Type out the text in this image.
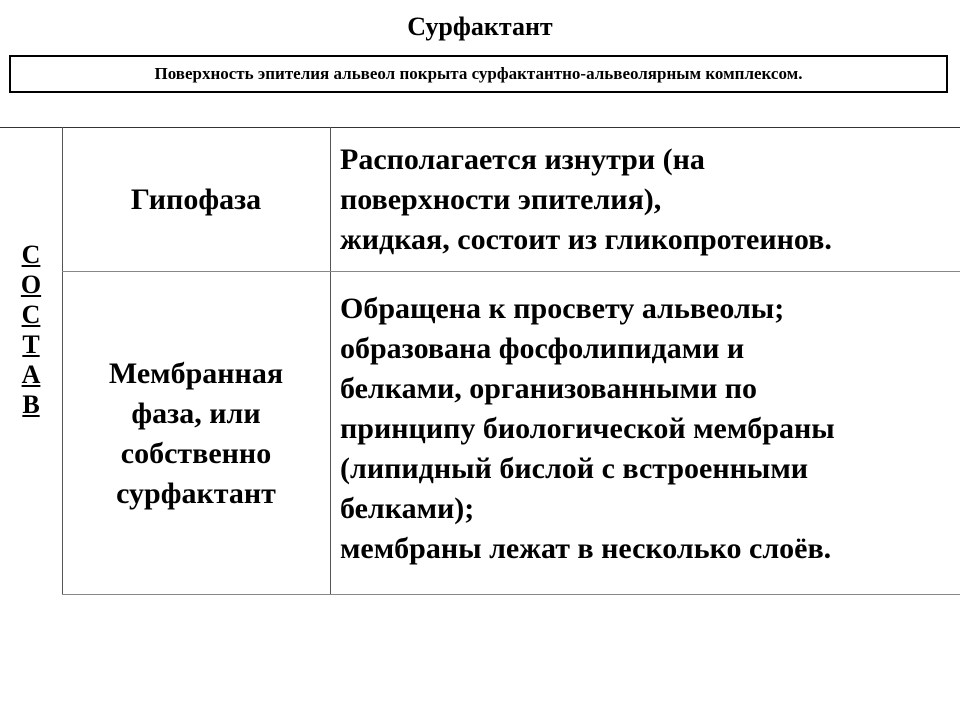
Сурфактант
Поверхность эпителия альвеол покрыта сурфактантно-альвеолярным комплексом.
С
О
С
Т
А
В
Гипофаза
Располагается изнутри (на
поверхности эпителия),
жидкая, состоит из гликопротеинов.
Мембранная
фаза, или
собственно
сурфактант
Обращена к просвету альвеолы;
образована фосфолипидами и
белками, организованными по
принципу биологической мембраны
(липидный бислой с встроенными
белками);
мембраны лежат в несколько слоёв.
